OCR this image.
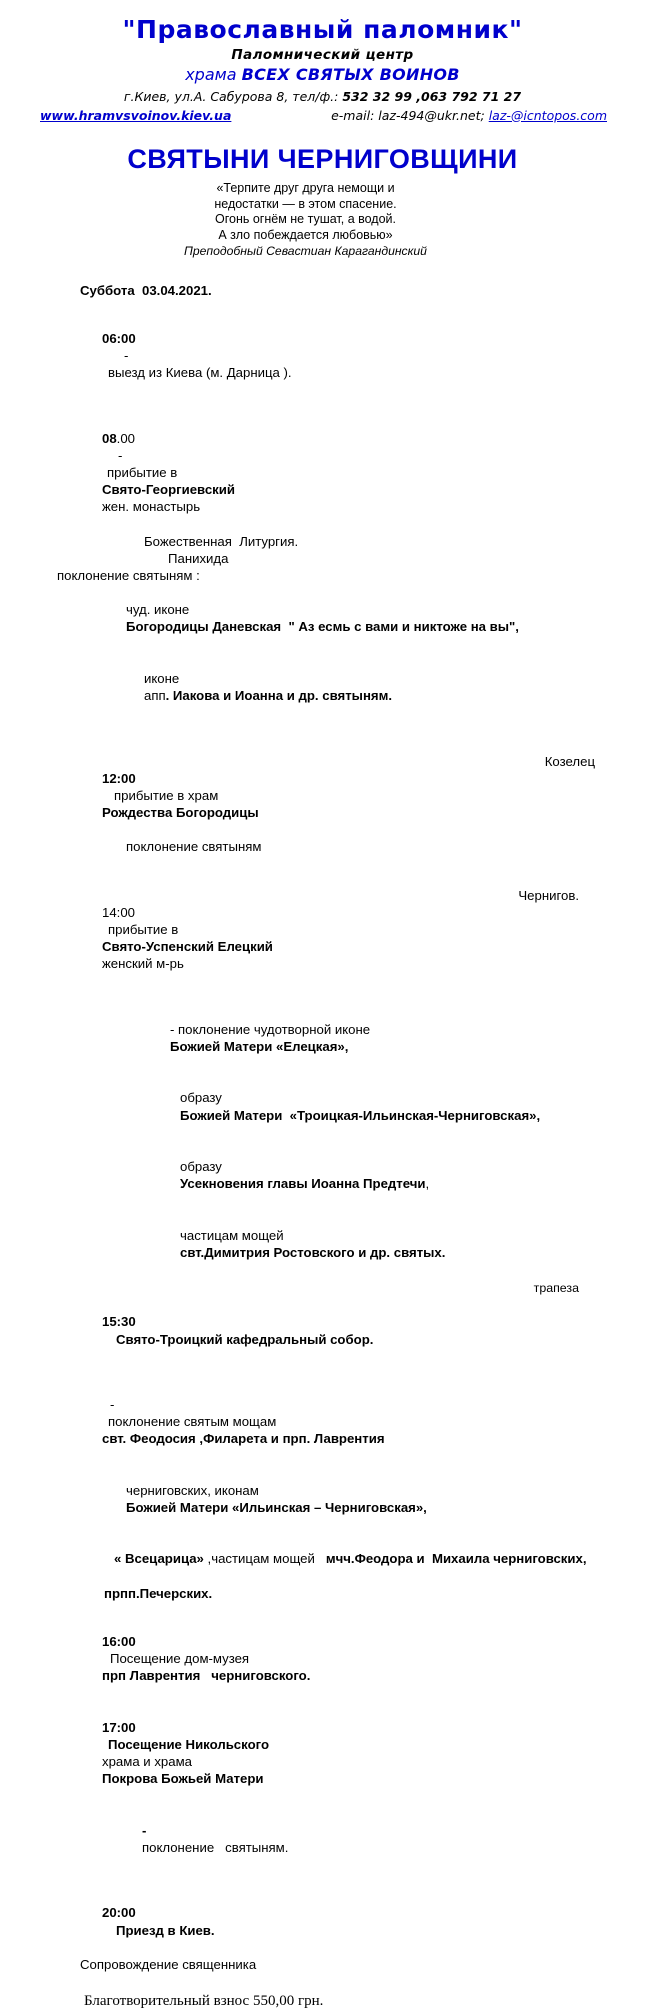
"Православный паломник"
Паломнический центр
храма ВСЕХ СВЯТЫХ ВОИНОВ
г.Киев, ул.А. Сабурова 8, тел/ф.: 532 32 99 ,063 792 71 27
www.hramvsvoinov.kiev.ua	e-mail: laz-494@ukr.net; laz-@icntopos.com
СВЯТЫНИ ЧЕРНИГОВЩИНИ
«Терпите друг друга немощи и
недостатки — в этом спасение.
Огонь огнём не тушат, а водой.
А зло побеждается любовью»
Преподобный Севастиан Карагандинский
Суббота  03.04.2021.

06:00
-
выезд из Киева (м. Дарница ).

08.00
-
прибытие в
Свято-Георгиевский
жен. монастырь

Божественная  Литургия.
Панихида
поклонение святыням :

чуд. иконе
Богородицы Даневская  " Аз есмь с вами и никтоже на вы",

иконе
апп. Иакова и Иоанна и др. святыням.

Козелец

12:00
прибытие в храм
Рождества Богородицы

поклонение святыням

Чернигов.

14:00
прибытие в
Свято-Успенский Елецкий
женский м-рь

- поклонение чудотворной иконе
Божией Матери «Елецкая»,

образу
Божией Матери  «Троицкая-Ильинская-Черниговская»,

образу
Усекновения главы Иоанна Предтечи,

частицам мощей
свт.Димитрия Ростовского и др. святых.

трапеза

15:30
Свято-Троицкий кафедральный собор.

-
поклонение святым мощам
свт. Феодосия ,Филарета и прп. Лаврентия

черниговских, иконам
Божией Матери «Ильинская – Черниговская»,

« Всецарица» ,частицам мощей   мчч.Феодора и  Михаила черниговских,

прпп.Печерских.

16:00
Посещение дом-музея
прп Лаврентия   черниговского.

17:00
Посещение Никольского
храма и храма
Покрова Божьей Матери

-
поклонение   святыням.

20:00
Приезд в Киев.

Сопровождение священника
Благотворительный взнос 550,00 грн.
